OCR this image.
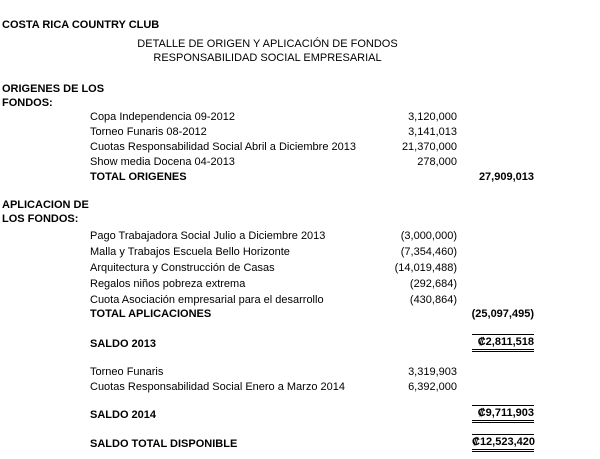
COSTA RICA COUNTRY CLUB
DETALLE DE ORIGEN Y APLICACIÓN DE FONDOS
RESPONSABILIDAD SOCIAL EMPRESARIAL
ORIGENES DE LOS
FONDOS:
Copa Independencia 09-2012	3,120,000
Torneo Funaris 08-2012	3,141,013
Cuotas Responsabilidad Social Abril a Diciembre 2013	21,370,000
Show media Docena 04-2013	278,000
TOTAL ORIGENES	27,909,013
APLICACION DE
LOS FONDOS:
Pago Trabajadora Social Julio a Diciembre 2013	(3,000,000)
Malla y Trabajos Escuela Bello Horizonte	(7,354,460)
Arquitectura y Construcción de Casas	(14,019,488)
Regalos niños pobreza extrema	(292,684)
Cuota Asociación empresarial para el desarrollo	(430,864)
TOTAL APLICACIONES	(25,097,495)
SALDO 2013	₡2,811,518
Torneo Funaris	3,319,903
Cuotas Responsabilidad Social Enero a Marzo 2014	6,392,000
SALDO 2014	₡9,711,903
SALDO TOTAL DISPONIBLE	₡12,523,420
